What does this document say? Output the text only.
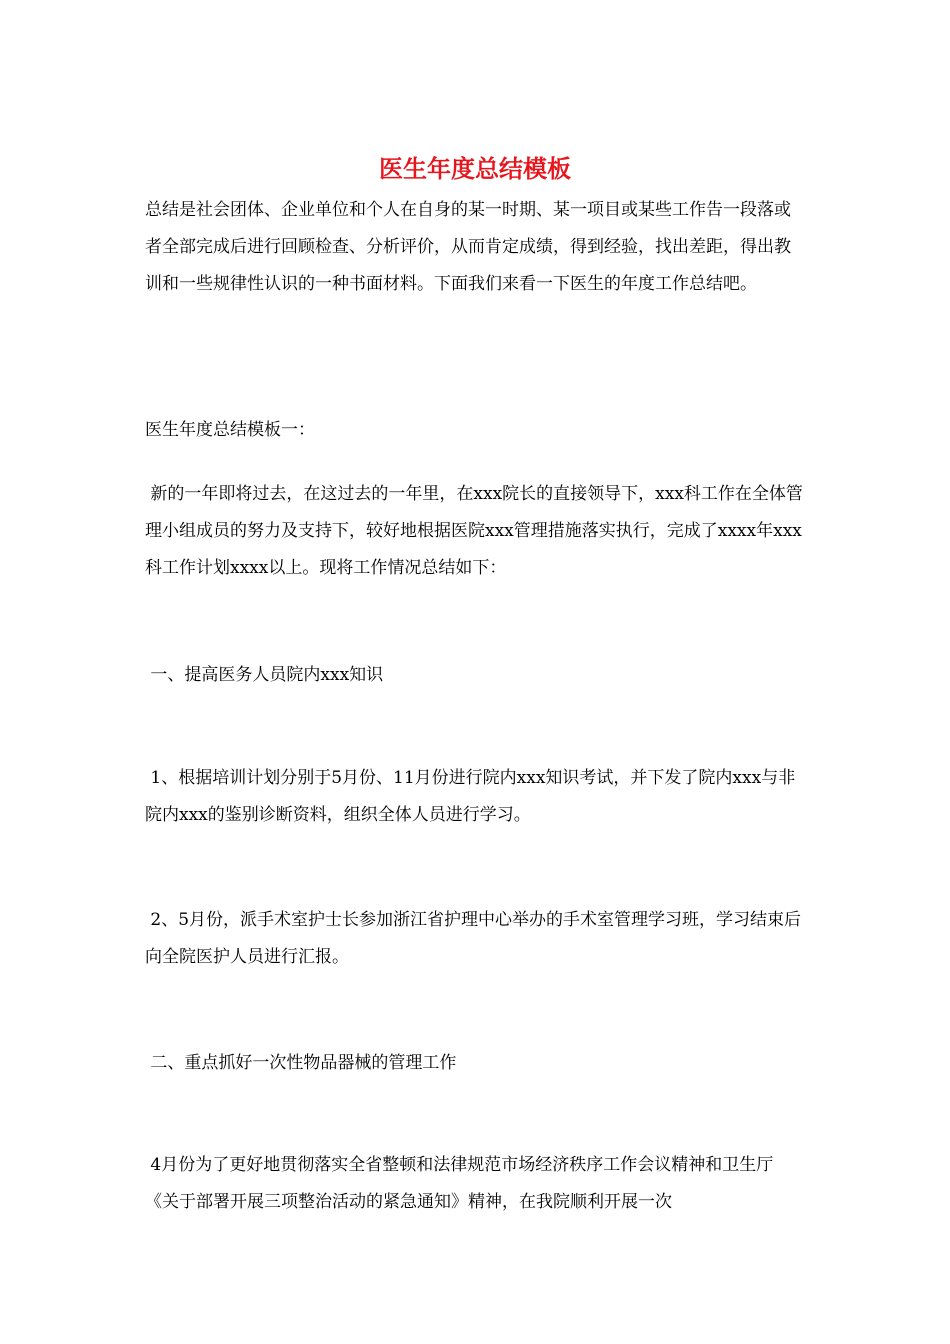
医生年度总结模板

总结是社会团体、企业单位和个人在自身的某一时期、某一项目或某些工作告一段落或者全部完成后进行回顾检查、分析评价，从而肯定成绩，得到经验，找出差距，得出教训和一些规律性认识的一种书面材料。下面我们来看一下医生的年度工作总结吧。

医生年度总结模板一：

新的一年即将过去，在这过去的一年里，在xxx院长的直接领导下，xxx科工作在全体管理小组成员的努力及支持下，较好地根据医院xxx管理措施落实执行，完成了xxxx年xxx科工作计划xxxx以上。现将工作情况总结如下：

一、提高医务人员院内xxx知识

1、根据培训计划分别于5月份、11月份进行院内xxx知识考试，并下发了院内xxx与非院内xxx的鉴别诊断资料，组织全体人员进行学习。

2、5月份，派手术室护士长参加浙江省护理中心举办的手术室管理学习班，学习结束后向全院医护人员进行汇报。

二、重点抓好一次性物品器械的管理工作

4月份为了更好地贯彻落实全省整顿和法律规范市场经济秩序工作会议精神和卫生厅《关于部署开展三项整治活动的紧急通知》精神，在我院顺利开展一次
